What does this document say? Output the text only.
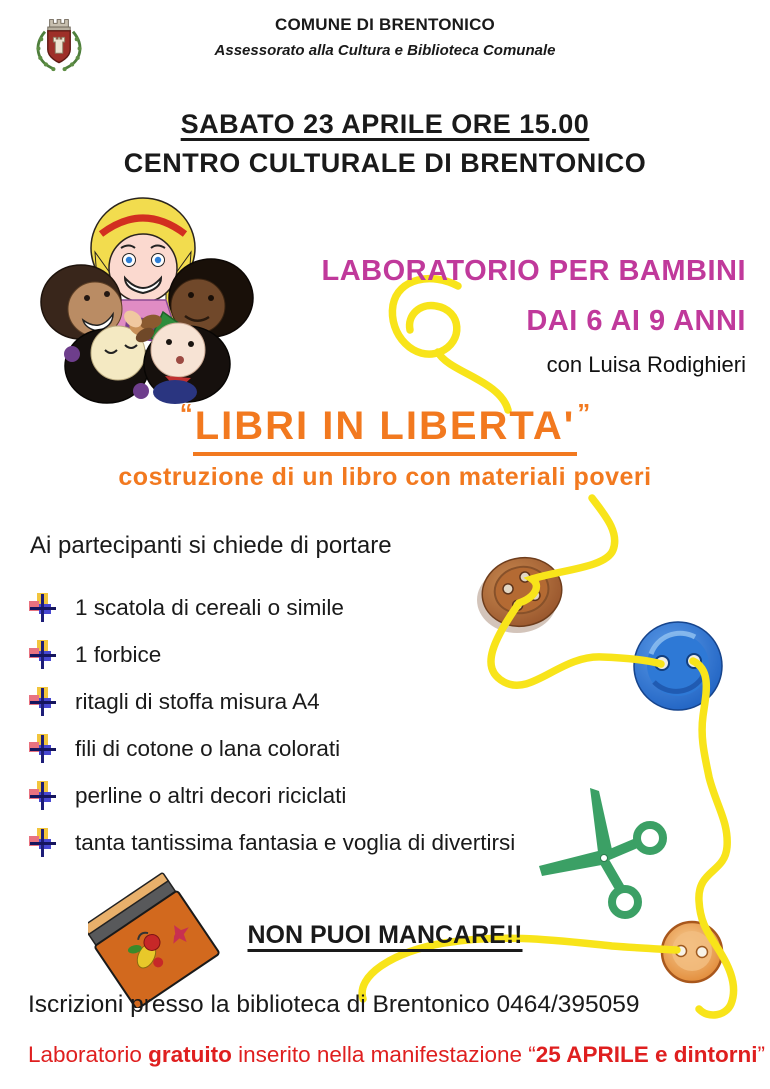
COMUNE DI BRENTONICO
Assessorato alla Cultura e Biblioteca Comunale
SABATO 23 APRILE ORE 15.00
CENTRO CULTURALE DI BRENTONICO
LABORATORIO PER BAMBINI
DAI 6 AI 9 ANNI
con Luisa Rodighieri
“LIBRI IN LIBERTA'”
costruzione di un libro con materiali poveri
Ai partecipanti si chiede di portare
1 scatola di cereali o simile
1 forbice
ritagli di stoffa misura A4
fili di cotone o lana colorati
perline o altri decori riciclati
tanta tantissima fantasia e voglia di divertirsi
NON PUOI MANCARE!!
Iscrizioni presso la biblioteca di Brentonico 0464/395059
Laboratorio gratuito inserito nella manifestazione “25 APRILE e dintorni”
